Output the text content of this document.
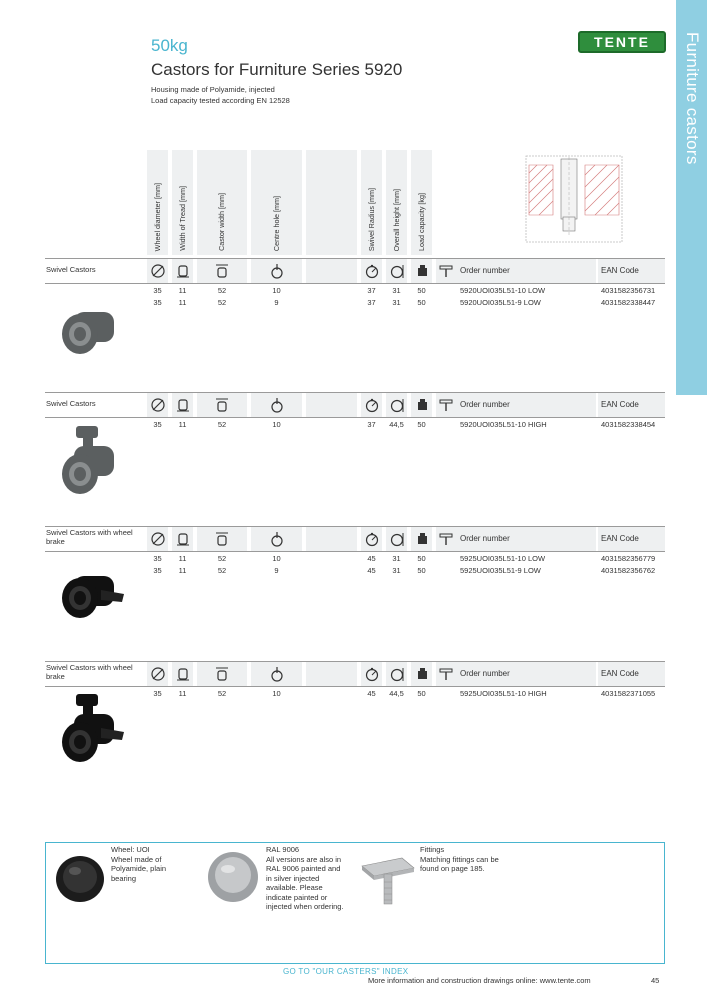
50kg
Castors for Furniture Series 5920
Housing made of Polyamide, injected
Load capacity tested according EN 12528
TENTE	Furniture castors
Wheel diameter [mm] Width of Tread [mm]	Castor width [mm]	Centre hole [mm]	Swivel Radius [mm] Overall height [mm] Load capacity [kg]
Swivel Castors	Order number	EAN Code
35	11	52	10	37	31	50	5920UOI035L51-10 LOW	4031582356731
35	11	52	9	37	31	50	5920UOI035L51-9 LOW	4031582338447
Swivel Castors	Order number	EAN Code
35	11	52	10	37	44,5	50	5920UOI035L51-10 HIGH	4031582338454
Swivel Castors with wheel brake	Order number	EAN Code
35	11	52	10	45	31	50	5925UOI035L51-10 LOW	4031582356779
35	11	52	9	45	31	50	5925UOI035L51-9 LOW	4031582356762
Swivel Castors with wheel brake	Order number	EAN Code
35	11	52	10	45	44,5	50	5925UOI035L51-10 HIGH	4031582371055
Wheel: UOI
Wheel made of
Polyamide, plain
bearing
RAL 9006
All versions are also in
RAL 9006 painted and
in silver injected
available. Please
indicate painted or
injected when ordering.
Fittings
Matching fittings can be
found on page 185.
GO TO "OUR CASTERS" INDEX
More information and construction drawings online: www.tente.com	45
